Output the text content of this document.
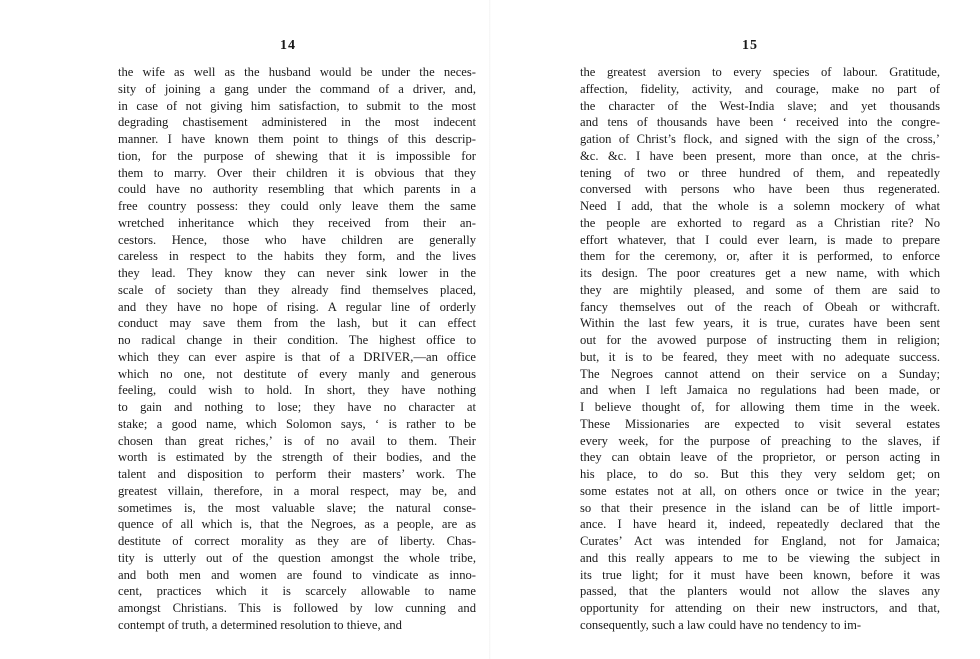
14
the wife as well as the husband would be under the neces-
sity of joining a gang under the command of a driver, and,
in case of not giving him satisfaction, to submit to the most
degrading chastisement administered in the most indecent
manner. I have known them point to things of this descrip-
tion, for the purpose of shewing that it is impossible for
them to marry. Over their children it is obvious that they
could have no authority resembling that which parents in a
free country possess: they could only leave them the same
wretched inheritance which they received from their an-
cestors. Hence, those who have children are generally
careless in respect to the habits they form, and the lives
they lead. They know they can never sink lower in the
scale of society than they already find themselves placed,
and they have no hope of rising. A regular line of orderly
conduct may save them from the lash, but it can effect
no radical change in their condition. The highest office to
which they can ever aspire is that of a DRIVER,—an office
which no one, not destitute of every manly and generous
feeling, could wish to hold. In short, they have nothing
to gain and nothing to lose; they have no character at
stake; a good name, which Solomon says, ‘ is rather to be
chosen than great riches,’ is of no avail to them. Their
worth is estimated by the strength of their bodies, and the
talent and disposition to perform their masters’ work. The
greatest villain, therefore, in a moral respect, may be, and
sometimes is, the most valuable slave; the natural conse-
quence of all which is, that the Negroes, as a people, are as
destitute of correct morality as they are of liberty. Chas-
tity is utterly out of the question amongst the whole tribe,
and both men and women are found to vindicate as inno-
cent, practices which it is scarcely allowable to name
amongst Christians. This is followed by low cunning and
contempt of truth, a determined resolution to thieve, and
15
the greatest aversion to every species of labour. Gratitude,
affection, fidelity, activity, and courage, make no part of
the character of the West-India slave; and yet thousands
and tens of thousands have been ‘ received into the congre-
gation of Christ’s flock, and signed with the sign of the cross,’
&c. &c. I have been present, more than once, at the chris-
tening of two or three hundred of them, and repeatedly
conversed with persons who have been thus regenerated.
Need I add, that the whole is a solemn mockery of what
the people are exhorted to regard as a Christian rite? No
effort whatever, that I could ever learn, is made to prepare
them for the ceremony, or, after it is performed, to enforce
its design. The poor creatures get a new name, with which
they are mightily pleased, and some of them are said to
fancy themselves out of the reach of Obeah or withcraft.
Within the last few years, it is true, curates have been sent
out for the avowed purpose of instructing them in religion;
but, it is to be feared, they meet with no adequate success.
The Negroes cannot attend on their service on a Sunday;
and when I left Jamaica no regulations had been made, or
I believe thought of, for allowing them time in the week.
These Missionaries are expected to visit several estates
every week, for the purpose of preaching to the slaves, if
they can obtain leave of the proprietor, or person acting in
his place, to do so. But this they very seldom get; on
some estates not at all, on others once or twice in the year;
so that their presence in the island can be of little import-
ance. I have heard it, indeed, repeatedly declared that the
Curates’ Act was intended for England, not for Jamaica;
and this really appears to me to be viewing the subject in
its true light; for it must have been known, before it was
passed, that the planters would not allow the slaves any
opportunity for attending on their new instructors, and that,
consequently, such a law could have no tendency to im-
